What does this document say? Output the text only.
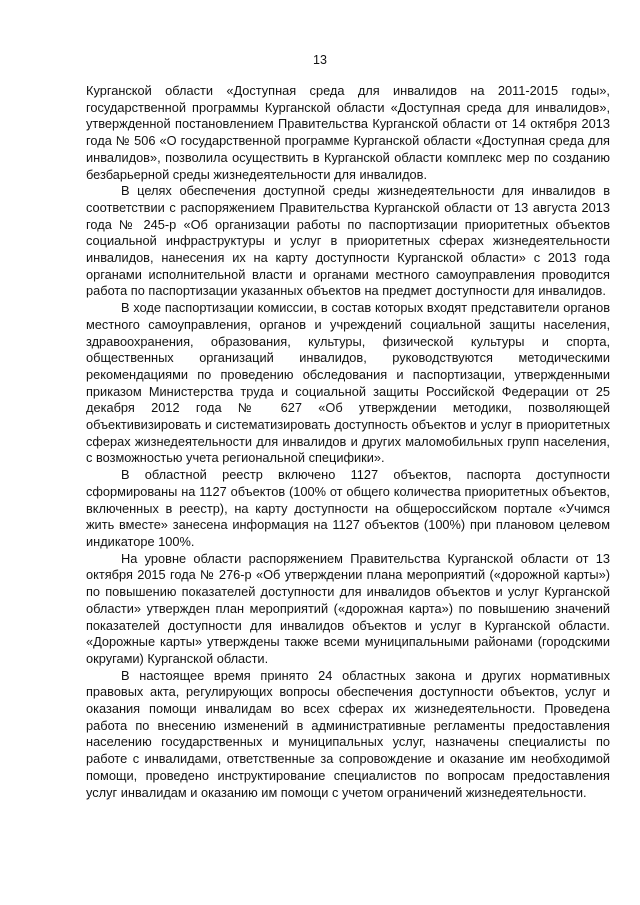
13

Курганской области «Доступная среда для инвалидов на 2011-2015 годы», государственной программы Курганской области «Доступная среда для инвалидов», утвержденной постановлением Правительства Курганской области от 14 октября 2013 года № 506 «О государственной программе Курганской области «Доступная среда для инвалидов», позволила осуществить в Курганской области комплекс мер по созданию безбарьерной среды жизнедеятельности для инвалидов.

В целях обеспечения доступной среды жизнедеятельности для инвалидов в соответствии с распоряжением Правительства Курганской области от 13 августа 2013 года № 245-р «Об организации работы по паспортизации приоритетных объектов социальной инфраструктуры и услуг в приоритетных сферах жизнедеятельности инвалидов, нанесения их на карту доступности Курганской области» с 2013 года органами исполнительной власти и органами местного самоуправления проводится работа по паспортизации указанных объектов на предмет доступности для инвалидов.

В ходе паспортизации комиссии, в состав которых входят представители органов местного самоуправления, органов и учреждений социальной защиты населения, здравоохранения, образования, культуры, физической культуры и спорта, общественных организаций инвалидов, руководствуются методическими рекомендациями по проведению обследования и паспортизации, утвержденными приказом Министерства труда и социальной защиты Российской Федерации от 25 декабря 2012 года № 627 «Об утверждении методики, позволяющей объективизировать и систематизировать доступность объектов и услуг в приоритетных сферах жизнедеятельности для инвалидов и других маломобильных групп населения, с возможностью учета региональной специфики».

В областной реестр включено 1127 объектов, паспорта доступности сформированы на 1127 объектов (100% от общего количества приоритетных объектов, включенных в реестр), на карту доступности на общероссийском портале «Учимся жить вместе» занесена информация на 1127 объектов (100%) при плановом целевом индикаторе 100%.

На уровне области распоряжением Правительства Курганской области от 13 октября 2015 года № 276-р «Об утверждении плана мероприятий («дорожной карты») по повышению показателей доступности для инвалидов объектов и услуг Курганской области» утвержден план мероприятий («дорожная карта») по повышению значений показателей доступности для инвалидов объектов и услуг в Курганской области. «Дорожные карты» утверждены также всеми муниципальными районами (городскими округами) Курганской области.

В настоящее время принято 24 областных закона и других нормативных правовых акта, регулирующих вопросы обеспечения доступности объектов, услуг и оказания помощи инвалидам во всех сферах их жизнедеятельности. Проведена работа по внесению изменений в административные регламенты предоставления населению государственных и муниципальных услуг, назначены специалисты по работе с инвалидами, ответственные за сопровождение и оказание им необходимой помощи, проведено инструктирование специалистов по вопросам предоставления услуг инвалидам и оказанию им помощи с учетом ограничений жизнедеятельности.
